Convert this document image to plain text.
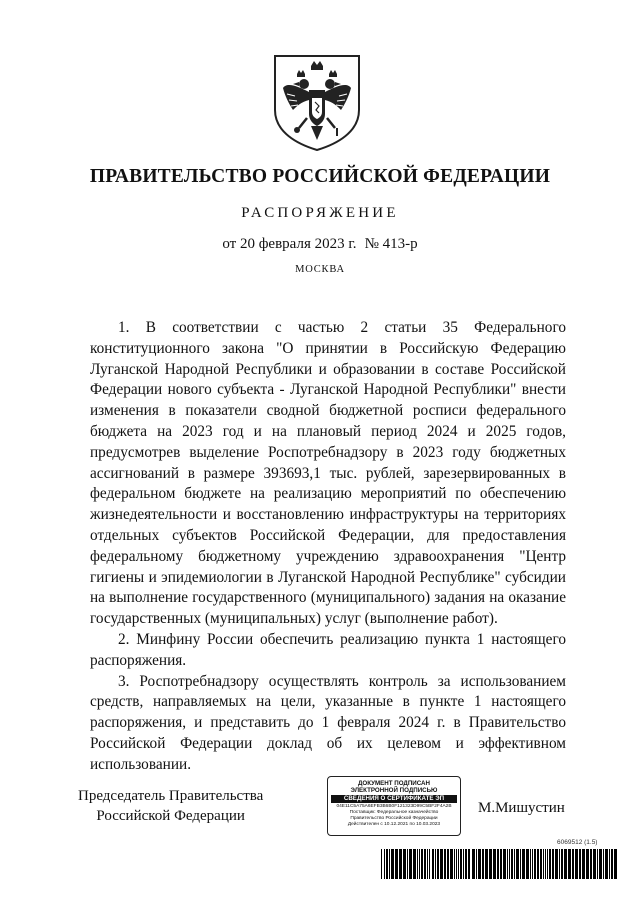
ПРАВИТЕЛЬСТВО РОССИЙСКОЙ ФЕДЕРАЦИИ
РАСПОРЯЖЕНИЕ
от 20 февраля 2023 г. № 413-р
МОСКВА

1. В соответствии с частью 2 статьи 35 Федерального конституционного закона "О принятии в Российскую Федерацию Луганской Народной Республики и образовании в составе Российской Федерации нового субъекта - Луганской Народной Республики" внести изменения в показатели сводной бюджетной росписи федерального бюджета на 2023 год и на плановый период 2024 и 2025 годов, предусмотрев выделение Роспотребнадзору в 2023 году бюджетных ассигнований в размере 393693,1 тыс. рублей, зарезервированных в федеральном бюджете на реализацию мероприятий по обеспечению жизнедеятельности и восстановлению инфраструктуры на территориях отдельных субъектов Российской Федерации, для предоставления федеральному бюджетному учреждению здравоохранения "Центр гигиены и эпидемиологии в Луганской Народной Республике" субсидии на выполнение государственного (муниципального) задания на оказание государственных (муниципальных) услуг (выполнение работ).

2. Минфину России обеспечить реализацию пункта 1 настоящего распоряжения.

3. Роспотребнадзору осуществлять контроль за использованием средств, направляемых на цели, указанные в пункте 1 настоящего распоряжения, и представить до 1 февраля 2024 г. в Правительство Российской Федерации доклад об их целевом и эффективном использовании.

Председатель Правительства
Российской Федерации
ДОКУМЕНТ ПОДПИСАН
ЭЛЕКТРОННОЙ ПОДПИСЬЮ
СВЕДЕНИЯ О СЕРТИФИКАТЕ ЭП
04E11C5A75A6EFB3B6B0F121323D99C5BF2F4A2B
Поставщик: Федеральное казначейство
Правительство Российской Федерации
Действителен с 10.12.2021 по 10.03.2023
М.Мишустин
6069512 (1.5)
